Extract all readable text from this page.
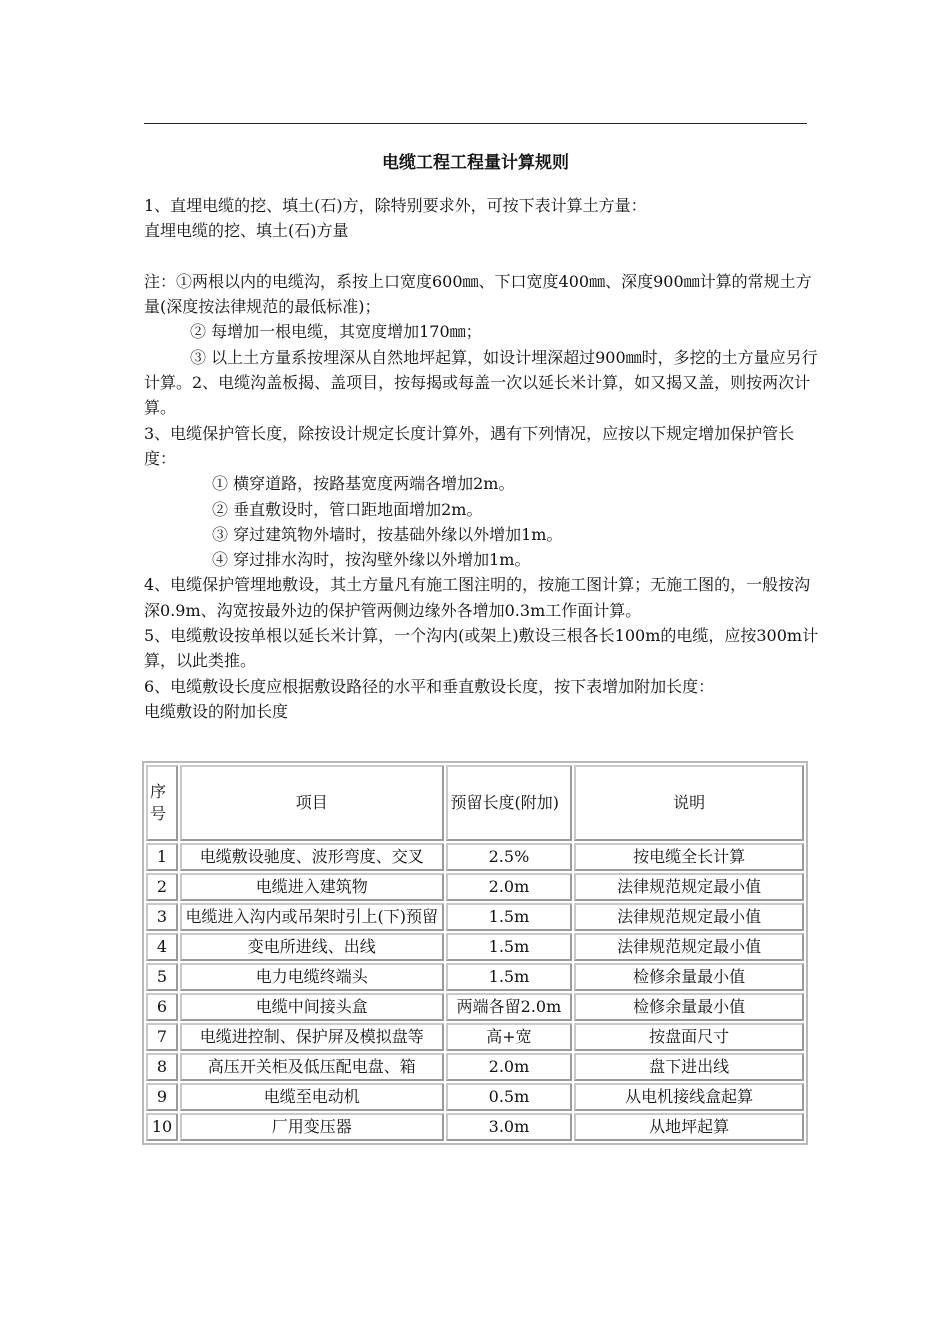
电缆工程工程量计算规则

1、直埋电缆的挖、填土(石)方，除特别要求外，可按下表计算土方量：

直埋电缆的挖、填土(石)方量

注：①两根以内的电缆沟，系按上口宽度600㎜、下口宽度400㎜、深度900㎜计算的常规土方量(深度按法律规范的最低标准)；

② 每增加一根电缆，其宽度增加170㎜；

③ 以上土方量系按埋深从自然地坪起算，如设计埋深超过900㎜时，多挖的土方量应另行计算。2、电缆沟盖板揭、盖项目，按每揭或每盖一次以延长米计算，如又揭又盖，则按两次计算。

3、电缆保护管长度，除按设计规定长度计算外，遇有下列情况，应按以下规定增加保护管长度：

① 横穿道路，按路基宽度两端各增加2m。

② 垂直敷设时，管口距地面增加2m。

③ 穿过建筑物外墙时，按基础外缘以外增加1m。

④ 穿过排水沟时，按沟壁外缘以外增加1m。

4、电缆保护管埋地敷设，其土方量凡有施工图注明的，按施工图计算；无施工图的，一般按沟深0.9m、沟宽按最外边的保护管两侧边缘外各增加0.3m工作面计算。

5、电缆敷设按单根以延长米计算，一个沟内(或架上)敷设三根各长100m的电缆，应按300m计算，以此类推。

6、电缆敷设长度应根据敷设路径的水平和垂直敷设长度，按下表增加附加长度：

电缆敷设的附加长度

序号	项目	预留长度(附加)	说明
1	电缆敷设驰度、波形弯度、交叉	2.5%	按电缆全长计算
2	电缆进入建筑物	2.0m	法律规范规定最小值
3	电缆进入沟内或吊架时引上(下)预留	1.5m	法律规范规定最小值
4	变电所进线、出线	1.5m	法律规范规定最小值
5	电力电缆终端头	1.5m	检修余量最小值
6	电缆中间接头盒	两端各留2.0m	检修余量最小值
7	电缆进控制、保护屏及模拟盘等	高+宽	按盘面尺寸
8	高压开关柜及低压配电盘、箱	2.0m	盘下进出线
9	电缆至电动机	0.5m	从电机接线盒起算
10	厂用变压器	3.0m	从地坪起算
